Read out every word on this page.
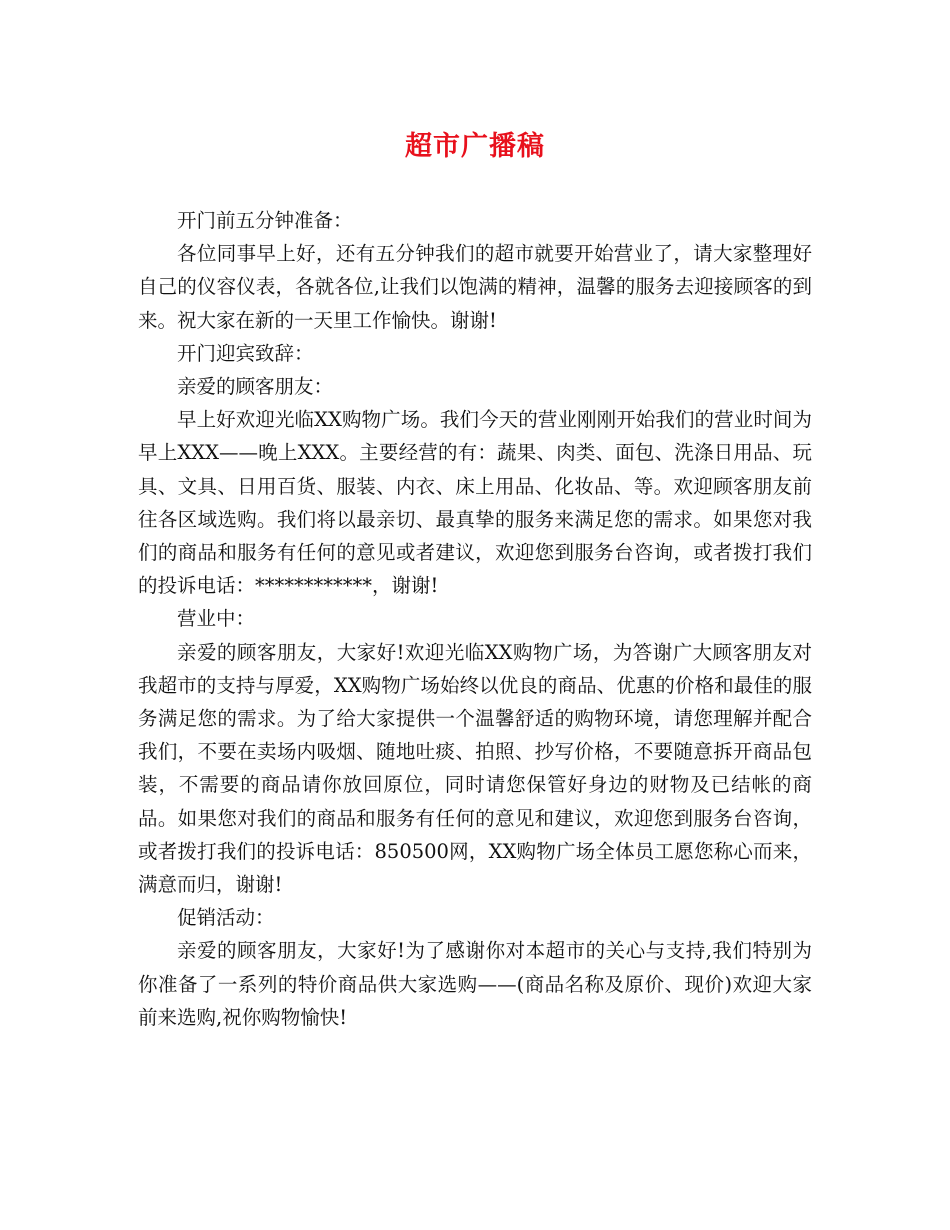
超市广播稿

开门前五分钟准备：

各位同事早上好，还有五分钟我们的超市就要开始营业了，请大家整理好自己的仪容仪表，各就各位,让我们以饱满的精神，温馨的服务去迎接顾客的到来。祝大家在新的一天里工作愉快。谢谢!

开门迎宾致辞：

亲爱的顾客朋友：

早上好欢迎光临XX购物广场。我们今天的营业刚刚开始我们的营业时间为早上XXX——晚上XXX。主要经营的有：蔬果、肉类、面包、洗涤日用品、玩具、文具、日用百货、服装、内衣、床上用品、化妆品、等。欢迎顾客朋友前往各区域选购。我们将以最亲切、最真挚的服务来满足您的需求。如果您对我们的商品和服务有任何的意见或者建议，欢迎您到服务台咨询，或者拨打我们的投诉电话：************，谢谢!

营业中：

亲爱的顾客朋友，大家好!欢迎光临XX购物广场，为答谢广大顾客朋友对我超市的支持与厚爱，XX购物广场始终以优良的商品、优惠的价格和最佳的服务满足您的需求。为了给大家提供一个温馨舒适的购物环境，请您理解并配合我们，不要在卖场内吸烟、随地吐痰、拍照、抄写价格，不要随意拆开商品包装，不需要的商品请你放回原位，同时请您保管好身边的财物及已结帐的商品。如果您对我们的商品和服务有任何的意见和建议，欢迎您到服务台咨询，或者拨打我们的投诉电话：850500网，XX购物广场全体员工愿您称心而来，满意而归，谢谢!

促销活动：

亲爱的顾客朋友，大家好!为了感谢你对本超市的关心与支持,我们特别为你准备了一系列的特价商品供大家选购——(商品名称及原价、现价)欢迎大家前来选购,祝你购物愉快!
